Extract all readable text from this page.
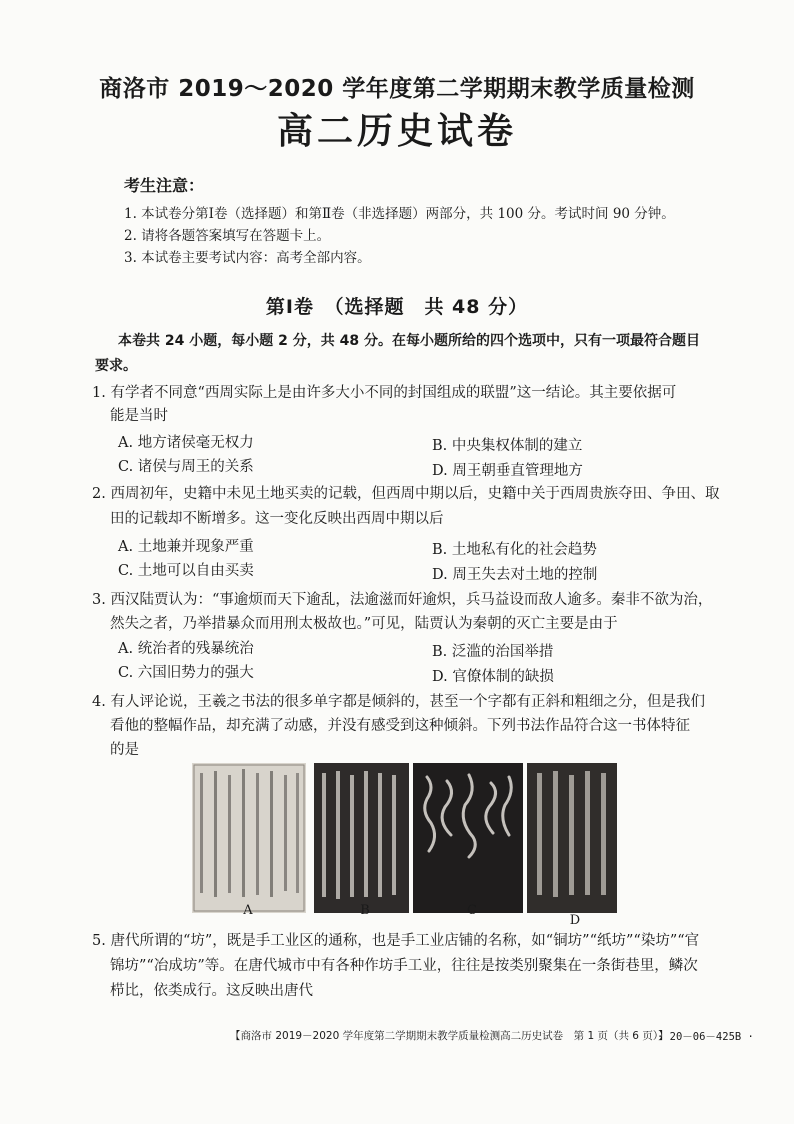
商洛市 2019～2020 学年度第二学期期末教学质量检测
高二历史试卷
考生注意：
1. 本试卷分第Ⅰ卷（选择题）和第Ⅱ卷（非选择题）两部分，共 100 分。考试时间 90 分钟。
2. 请将各题答案填写在答题卡上。
3. 本试卷主要考试内容：高考全部内容。
第Ⅰ卷　（选择题　共 48 分）
本卷共 24 小题，每小题 2 分，共 48 分。在每小题所给的四个选项中，只有一项最符合题目
要求。
1. 有学者不同意“西周实际上是由许多大小不同的封国组成的联盟”这一结论。其主要依据可
能是当时
A. 地方诸侯毫无权力	B. 中央集权体制的建立
C. 诸侯与周王的关系	D. 周王朝垂直管理地方
2. 西周初年，史籍中未见土地买卖的记载，但西周中期以后，史籍中关于西周贵族夺田、争田、取
田的记载却不断增多。这一变化反映出西周中期以后
A. 土地兼并现象严重	B. 土地私有化的社会趋势
C. 土地可以自由买卖	D. 周王失去对土地的控制
3. 西汉陆贾认为：“事逾烦而天下逾乱，法逾滋而奸逾炽，兵马益设而敌人逾多。秦非不欲为治，
然失之者，乃举措暴众而用刑太极故也。”可见，陆贾认为秦朝的灭亡主要是由于
A. 统治者的残暴统治	B. 泛滥的治国举措
C. 六国旧势力的强大	D. 官僚体制的缺损
4. 有人评论说，王羲之书法的很多单字都是倾斜的，甚至一个字都有正斜和粗细之分，但是我们
看他的整幅作品，却充满了动感，并没有感受到这种倾斜。下列书法作品符合这一书体特征
的是
A	B	C
D
5. 唐代所谓的“坊”，既是手工业区的通称，也是手工业店铺的名称，如“铜坊”“纸坊”“染坊”“官
锦坊”“冶成坊”等。在唐代城市中有各种作坊手工业，往往是按类别聚集在一条街巷里，鳞次
栉比，依类成行。这反映出唐代
【商洛市 2019－2020 学年度第二学期期末教学质量检测高二历史试卷　第 1 页（共 6 页）】
· 20－06－425B ·
